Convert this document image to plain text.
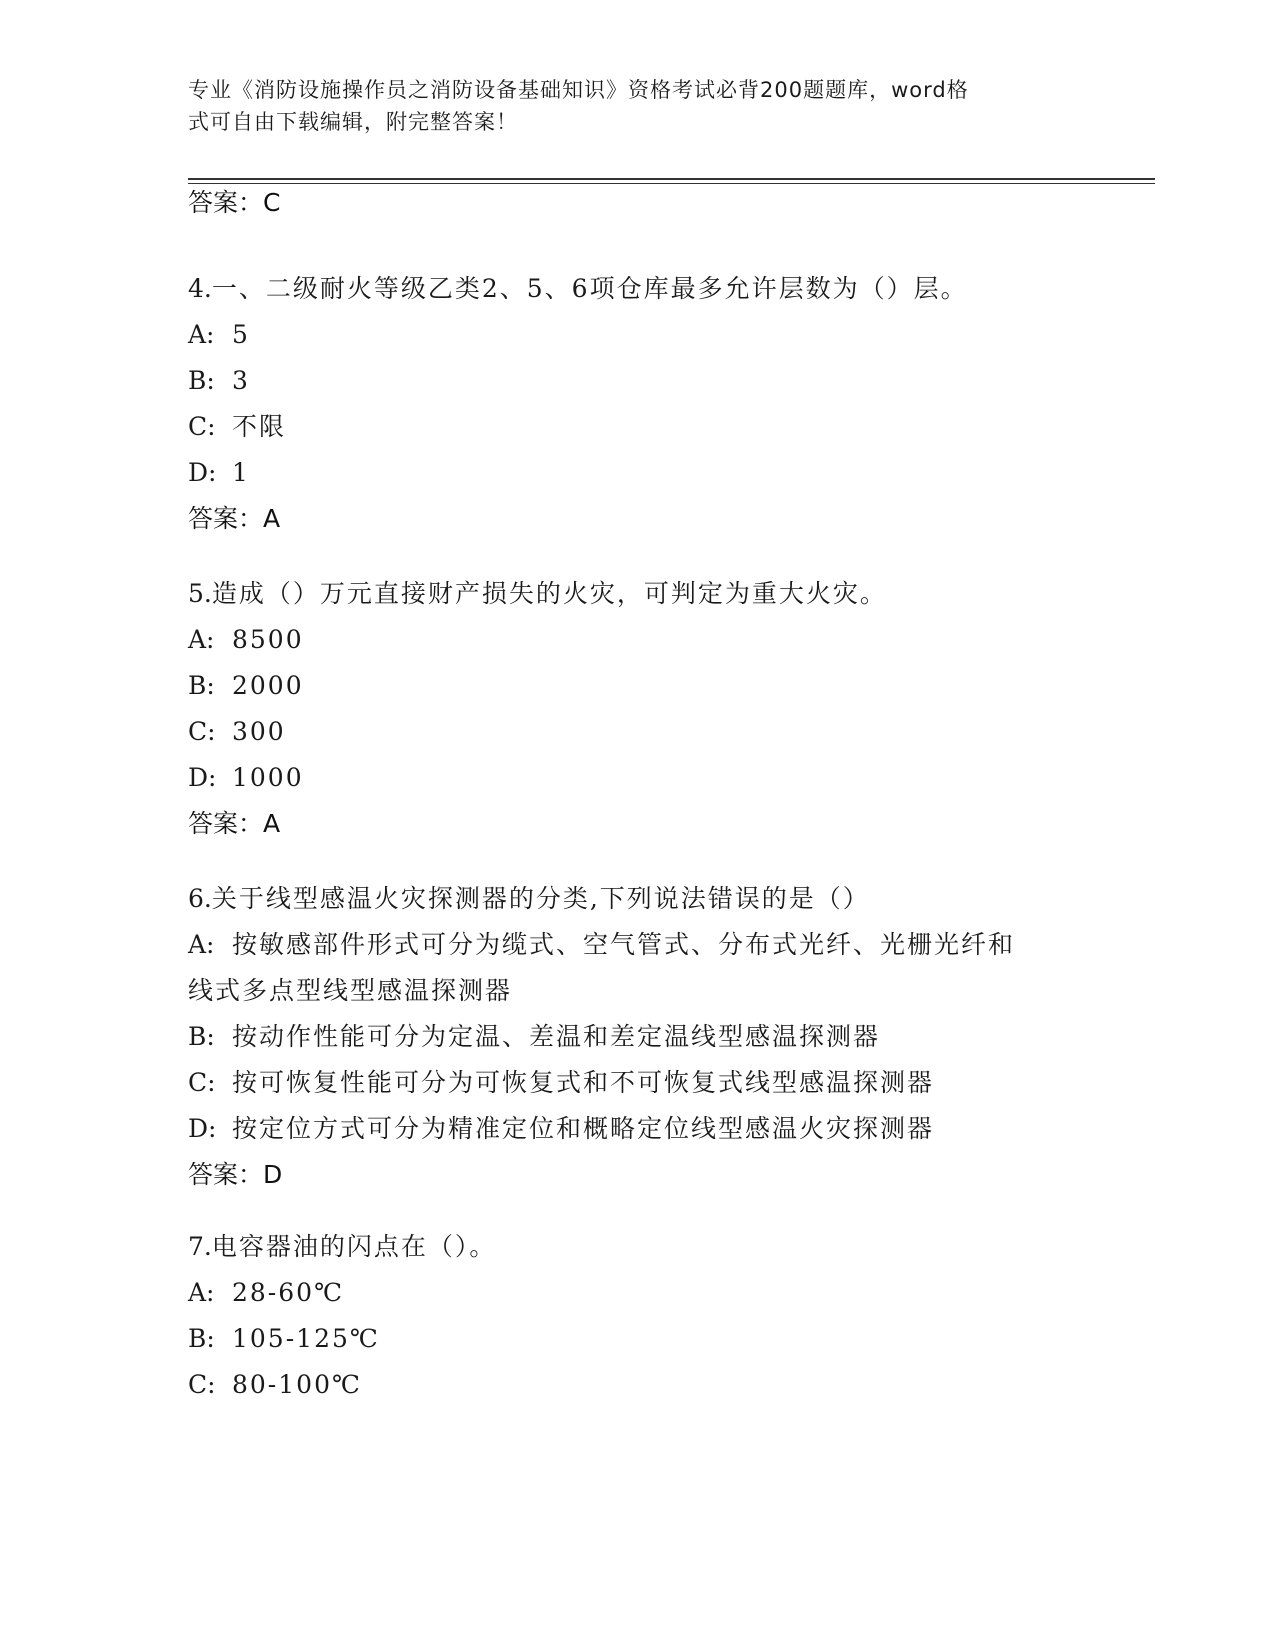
专业《消防设施操作员之消防设备基础知识》资格考试必背200题题库，word格
式可自由下载编辑，附完整答案！
答案：C
4.一、二级耐火等级乙类2、5、6项仓库最多允许层数为（）层。
A: 5
B: 3
C: 不限
D: 1
答案：A
5.造成（）万元直接财产损失的火灾，可判定为重大火灾。
A: 8500
B: 2000
C: 300
D: 1000
答案：A
6.关于线型感温火灾探测器的分类,下列说法错误的是（）
A: 按敏感部件形式可分为缆式、空气管式、分布式光纤、光栅光纤和
线式多点型线型感温探测器
B: 按动作性能可分为定温、差温和差定温线型感温探测器
C: 按可恢复性能可分为可恢复式和不可恢复式线型感温探测器
D: 按定位方式可分为精准定位和概略定位线型感温火灾探测器
答案：D
7.电容器油的闪点在（）。
A: 28-60℃
B: 105-125℃
C: 80-100℃
